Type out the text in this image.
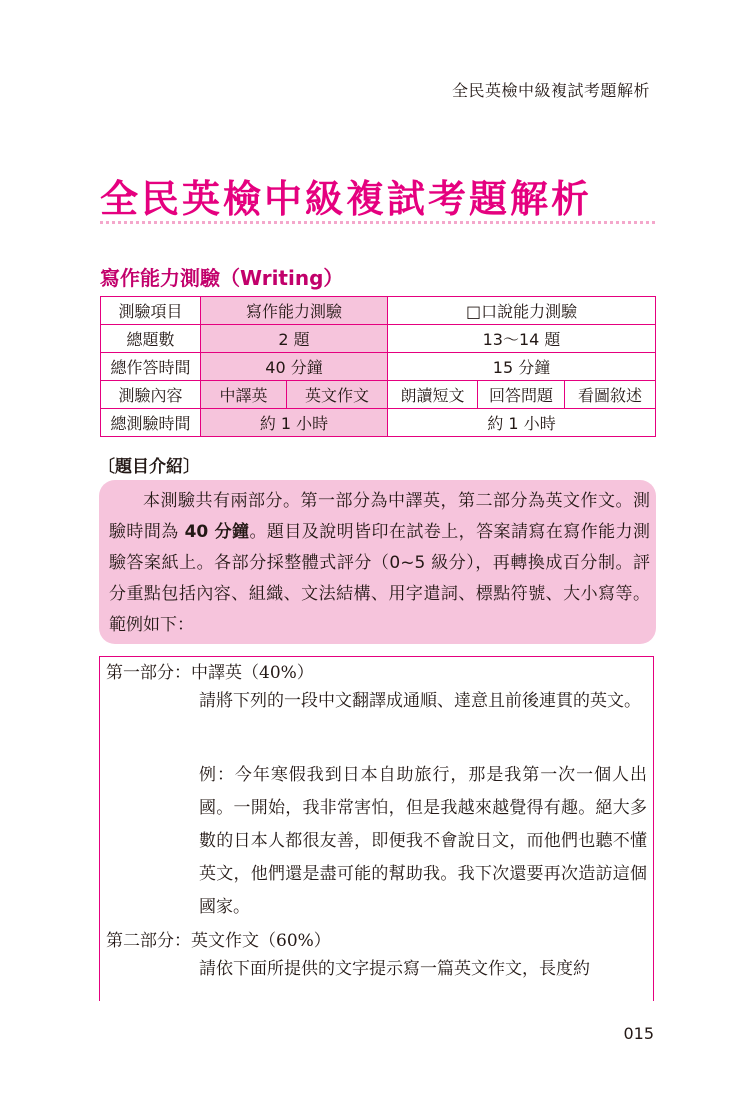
全民英檢中級複試考題解析
全民英檢中級複試考題解析
寫作能力測驗（Writing）
測驗項目	寫作能力測驗		□口說能力測驗		
總題數	2 題		13～14 題		
總作答時間	40 分鐘		15 分鐘		
測驗內容	中譯英	英文作文	朗讀短文	回答問題	看圖敘述
總測驗時間	約 1 小時		約 1 小時		
〔題目介紹〕

本測驗共有兩部分。第一部分為中譯英，第二部分為英文作文。測驗時間為 40 分鐘。題目及說明皆印在試卷上，答案請寫在寫作能力測驗答案紙上。各部分採整體式評分（0~5 級分），再轉換成百分制。評分重點包括內容、組織、文法結構、用字遣詞、標點符號、大小寫等。範例如下：

第一部分：中譯英（40%）

請將下列的一段中文翻譯成通順、達意且前後連貫的英文。

例：今年寒假我到日本自助旅行，那是我第一次一個人出國。一開始，我非常害怕，但是我越來越覺得有趣。絕大多數的日本人都很友善，即便我不會說日文，而他們也聽不懂英文，他們還是盡可能的幫助我。我下次還要再次造訪這個國家。

第二部分：英文作文（60%）

請依下面所提供的文字提示寫一篇英文作文，長度約

015
